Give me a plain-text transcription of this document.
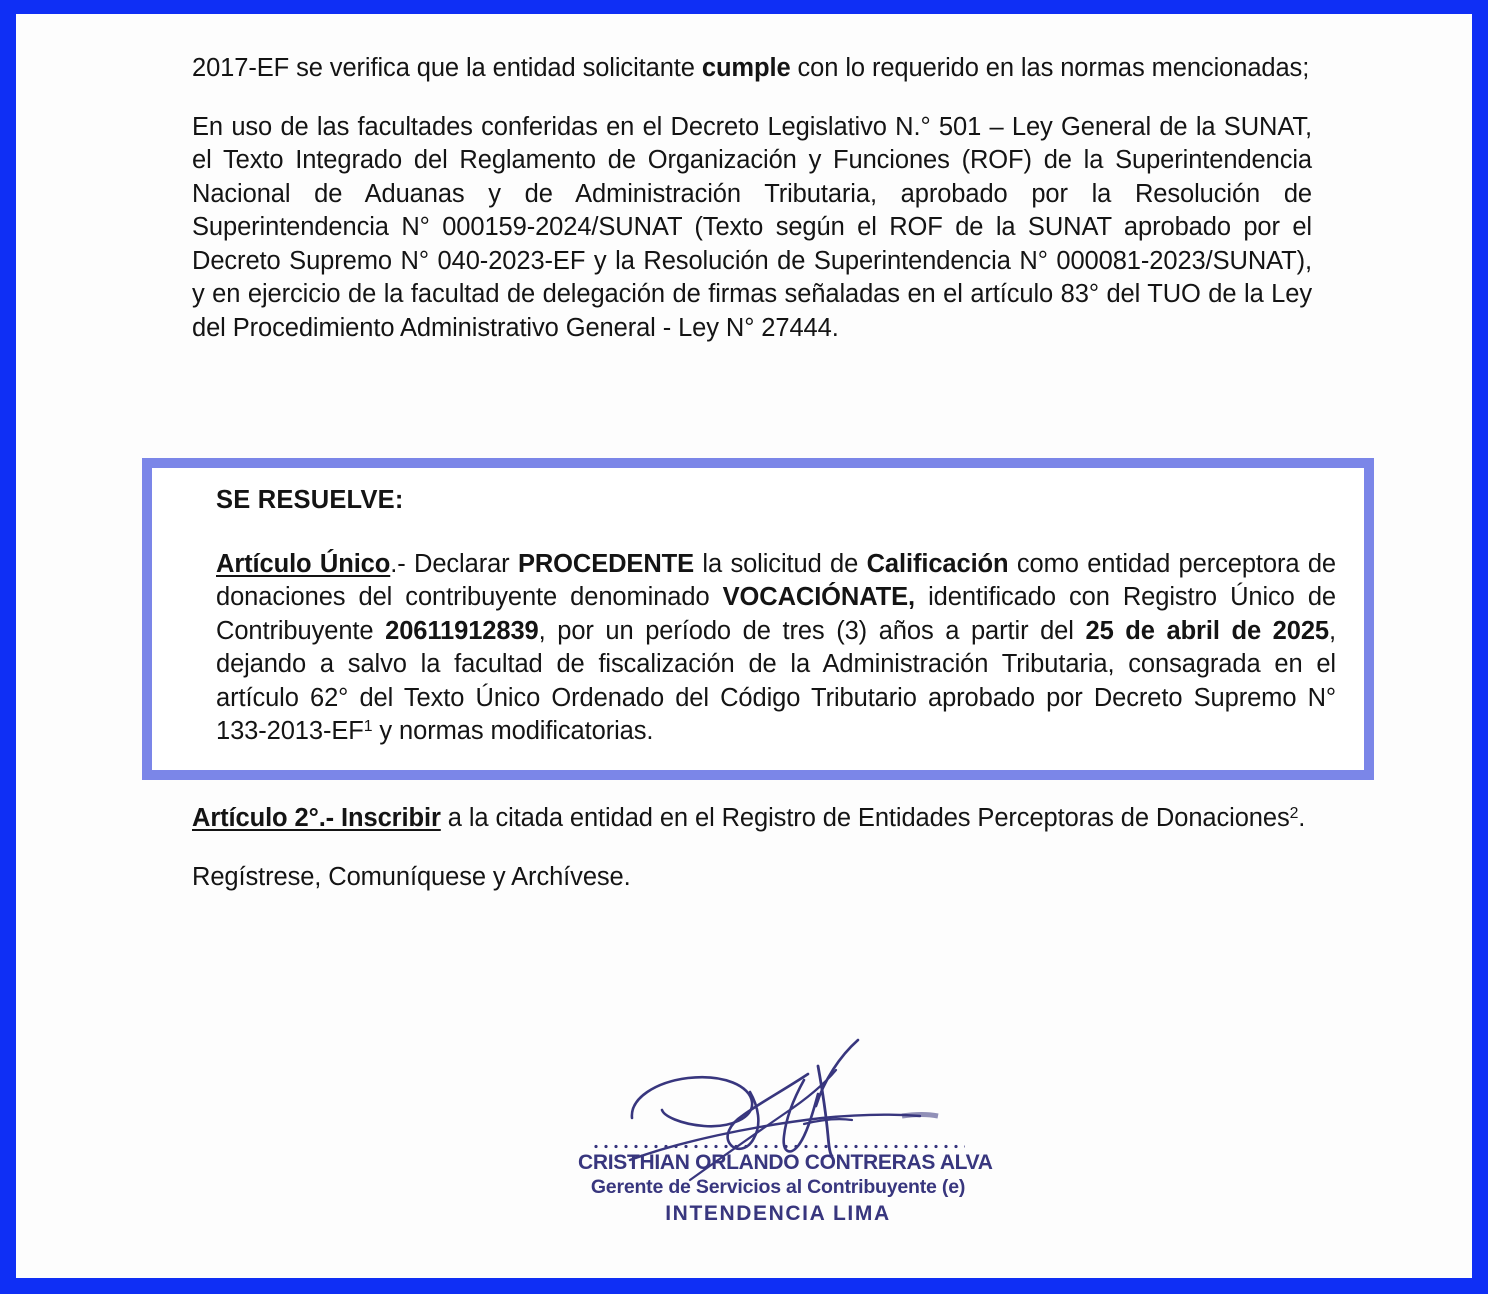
2017-EF se verifica que la entidad solicitante cumple con lo requerido en las normas mencionadas;

En uso de las facultades conferidas en el Decreto Legislativo N.° 501 – Ley General de la SUNAT, el Texto Integrado del Reglamento de Organización y Funciones (ROF) de la Superintendencia Nacional de Aduanas y de Administración Tributaria, aprobado por la Resolución de Superintendencia N° 000159-2024/SUNAT (Texto según el ROF de la SUNAT aprobado por el Decreto Supremo N° 040-2023-EF y la Resolución de Superintendencia N° 000081-2023/SUNAT), y en ejercicio de la facultad de delegación de firmas señaladas en el artículo 83° del TUO de la Ley del Procedimiento Administrativo General - Ley N° 27444.

SE RESUELVE:

Artículo Único.- Declarar PROCEDENTE la solicitud de Calificación como entidad perceptora de donaciones del contribuyente denominado VOCACIÓNATE, identificado con Registro Único de Contribuyente 20611912839, por un período de tres (3) años a partir del 25 de abril de 2025, dejando a salvo la facultad de fiscalización de la Administración Tributaria, consagrada en el artículo 62° del Texto Único Ordenado del Código Tributario aprobado por Decreto Supremo N° $133-2013-EF^1$ y normas modificatorias.

Artículo 2°.- Inscribir a la citada entidad en el Registro de Entidades Perceptoras de Donaciones$^2$.

Regístrese, Comuníquese y Archívese.

CRISTHIAN ORLANDO CONTRERAS ALVA
Gerente de Servicios al Contribuyente (e)
INTENDENCIA LIMA
